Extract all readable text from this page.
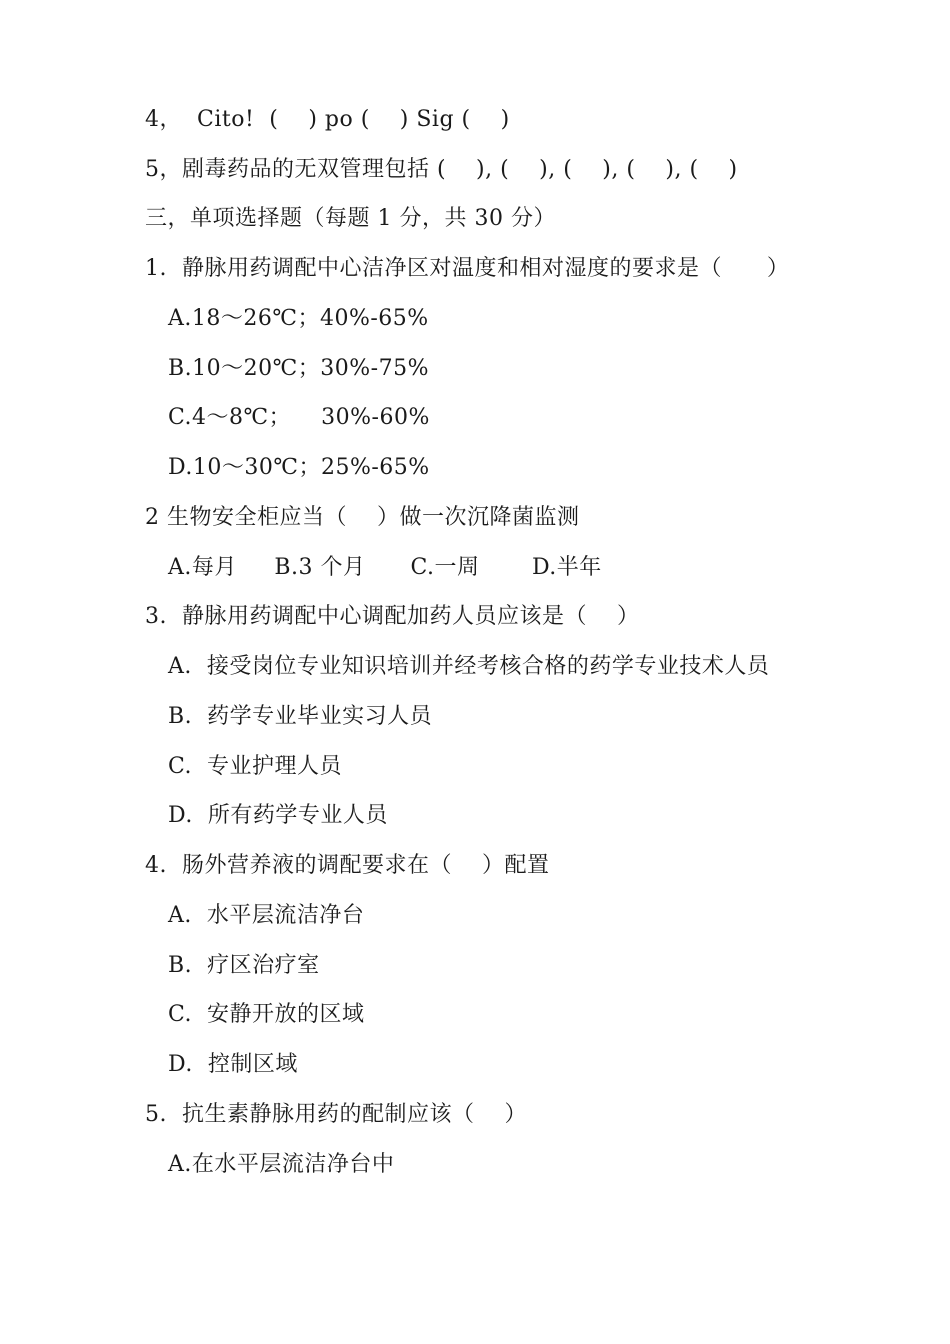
4，  Cito!  (    ) po (    ) Sig (    )
5，剧毒药品的无双管理包括 (    ), (    ), (    ), (    ), (    )
三，单项选择题（每题 1 分，共 30 分）
1.  静脉用药调配中心洁净区对温度和相对湿度的要求是（      ）
A.18～26℃；40%-65%
B.10～20℃；30%-75%
C.4～8℃；    30%-60%
D.10～30℃；25%-65%
2 生物安全柜应当（    ）做一次沉降菌监测
A.每月     B.3 个月      C.一周       D.半年
3.  静脉用药调配中心调配加药人员应该是（    ）
A.  接受岗位专业知识培训并经考核合格的药学专业技术人员
B.  药学专业毕业实习人员
C.  专业护理人员
D.  所有药学专业人员
4.  肠外营养液的调配要求在（    ）配置
A.  水平层流洁净台
B.  疗区治疗室
C.  安静开放的区域
D.  控制区域
5.  抗生素静脉用药的配制应该（    ）
A.在水平层流洁净台中
